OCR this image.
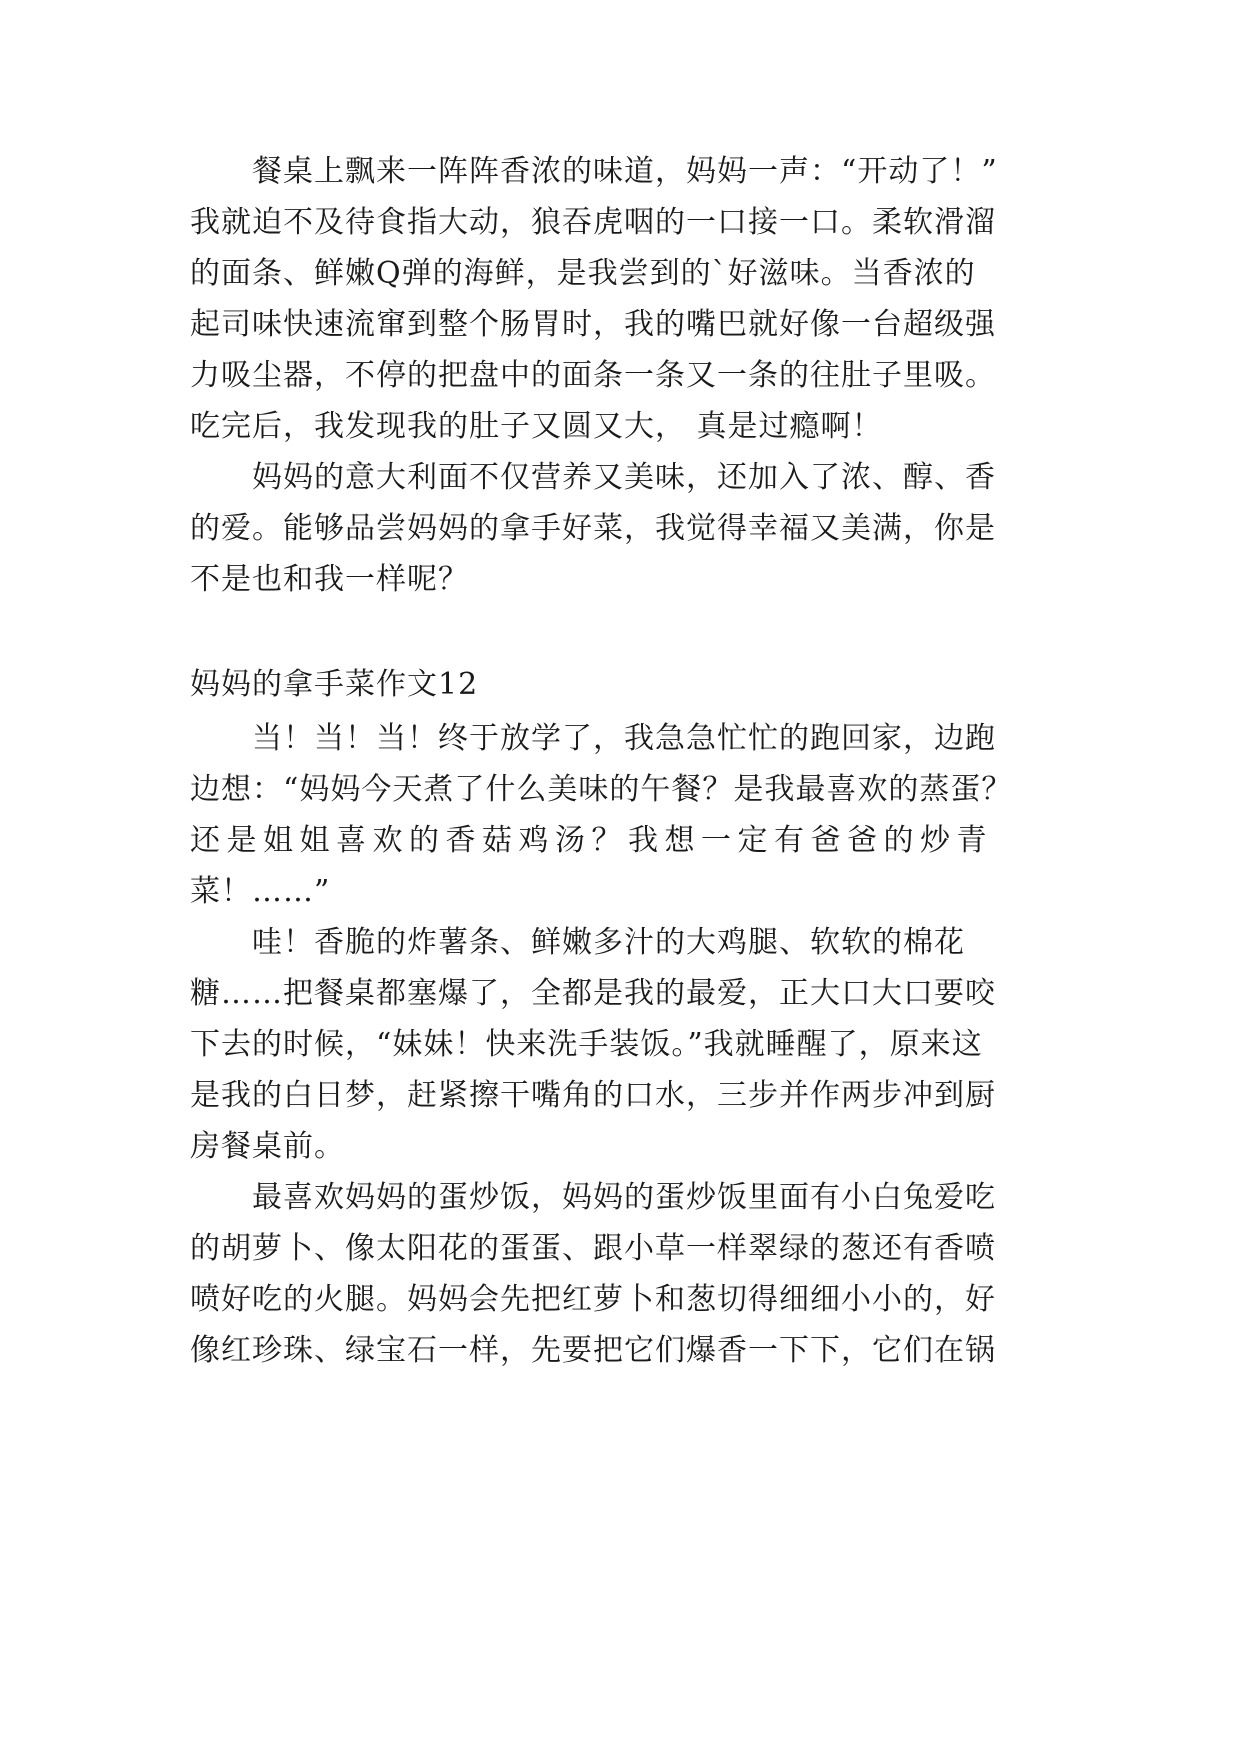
餐桌上飘来一阵阵香浓的味道，妈妈一声：“开动了！”
我就迫不及待食指大动，狼吞虎咽的一口接一口。柔软滑溜
的面条、鲜嫩Q弹的海鲜，是我尝到的`好滋味。当香浓的
起司味快速流窜到整个肠胃时，我的嘴巴就好像一台超级强
力吸尘器，不停的把盘中的面条一条又一条的往肚子里吸。
吃完后，我发现我的肚子又圆又大， 真是过瘾啊！
妈妈的意大利面不仅营养又美味，还加入了浓、醇、香
的爱。能够品尝妈妈的拿手好菜，我觉得幸福又美满，你是
不是也和我一样呢？
妈妈的拿手菜作文12
当！当！当！终于放学了，我急急忙忙的跑回家，边跑
边想：“妈妈今天煮了什么美味的午餐？是我最喜欢的蒸蛋？
还是姐姐喜欢的香菇鸡汤？我想一定有爸爸的炒青
菜！……”
哇！香脆的炸薯条、鲜嫩多汁的大鸡腿、软软的棉花
糖……把餐桌都塞爆了，全都是我的最爱，正大口大口要咬
下去的时候，“妹妹！快来洗手装饭。”我就睡醒了，原来这
是我的白日梦，赶紧擦干嘴角的口水，三步并作两步冲到厨
房餐桌前。
最喜欢妈妈的蛋炒饭，妈妈的蛋炒饭里面有小白兔爱吃
的胡萝卜、像太阳花的蛋蛋、跟小草一样翠绿的葱还有香喷
喷好吃的火腿。妈妈会先把红萝卜和葱切得细细小小的，好
像红珍珠、绿宝石一样，先要把它们爆香一下下，它们在锅
